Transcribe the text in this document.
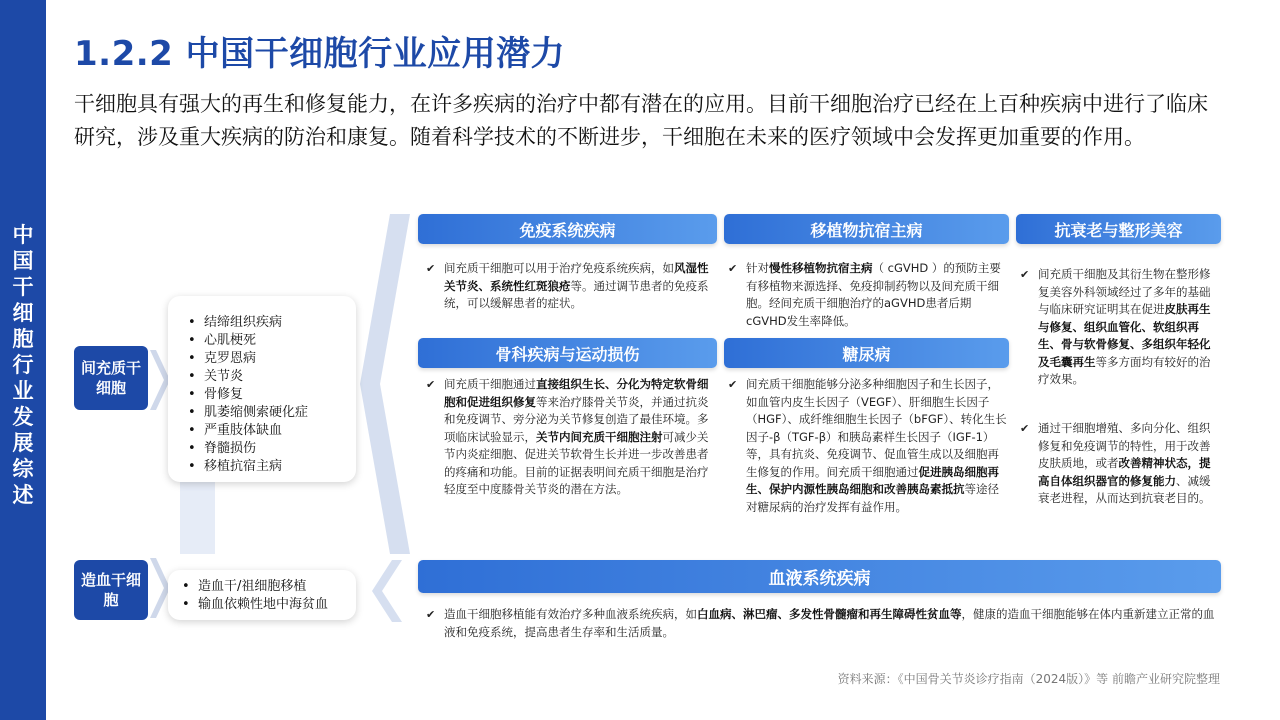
中国干细胞行业发展综述
1.2.2 中国干细胞行业应用潜力
干细胞具有强大的再生和修复能力，在许多疾病的治疗中都有潜在的应用。目前干细胞治疗已经在上百种疾病中进行了临床研究，涉及重大疾病的防治和康复。随着科学技术的不断进步，干细胞在未来的医疗领域中会发挥更加重要的作用。
间充质干细胞
• 结缔组织疾病
• 心肌梗死
• 克罗恩病
• 关节炎
• 骨修复
• 肌萎缩侧索硬化症
• 严重肢体缺血
• 脊髓损伤
• 移植抗宿主病
造血干细胞
• 造血干/祖细胞移植
• 输血依赖性地中海贫血
免疫系统疾病	移植物抗宿主病	抗衰老与整形美容
骨科疾病与运动损伤	糖尿病
血液系统疾病
✔ 间充质干细胞可以用于治疗免疫系统疾病，如风湿性关节炎、系统性红斑狼疮等。通过调节患者的免疫系统，可以缓解患者的症状。
✔ 针对慢性移植物抗宿主病（ cGVHD ）的预防主要有移植物来源选择、免疫抑制药物以及间充质干细胞。经间充质干细胞治疗的aGVHD患者后期cGVHD发生率降低。
✔ 间充质干细胞及其衍生物在整形修复美容外科领域经过了多年的基础与临床研究证明其在促进皮肤再生与修复、组织血管化、软组织再生、骨与软骨修复、多组织年轻化及毛囊再生等多方面均有较好的治疗效果。
✔ 通过干细胞增殖、多向分化、组织修复和免疫调节的特性，用于改善皮肤质地，或者改善精神状态，提高自体组织器官的修复能力、减缓衰老进程，从而达到抗衰老目的。
✔ 间充质干细胞通过直接组织生长、分化为特定软骨细胞和促进组织修复等来治疗膝骨关节炎，并通过抗炎和免疫调节、旁分泌为关节修复创造了最佳环境。多项临床试验显示，关节内间充质干细胞注射可减少关节内炎症细胞、促进关节软骨生长并进一步改善患者的疼痛和功能。目前的证据表明间充质干细胞是治疗轻度至中度膝骨关节炎的潜在方法。
✔ 间充质干细胞能够分泌多种细胞因子和生长因子，如血管内皮生长因子（VEGF）、肝细胞生长因子（HGF）、成纤维细胞生长因子（bFGF）、转化生长因子-β（TGF-β）和胰岛素样生长因子（IGF-1）等，具有抗炎、免疫调节、促血管生成以及细胞再生修复的作用。间充质干细胞通过促进胰岛细胞再生、保护内源性胰岛细胞和改善胰岛素抵抗等途径对糖尿病的治疗发挥有益作用。
✔ 造血干细胞移植能有效治疗多种血液系统疾病，如白血病、淋巴瘤、多发性骨髓瘤和再生障碍性贫血等，健康的造血干细胞能够在体内重新建立正常的血液和免疫系统，提高患者生存率和生活质量。
资料来源：《中国骨关节炎诊疗指南（2024版）》等 前瞻产业研究院整理
